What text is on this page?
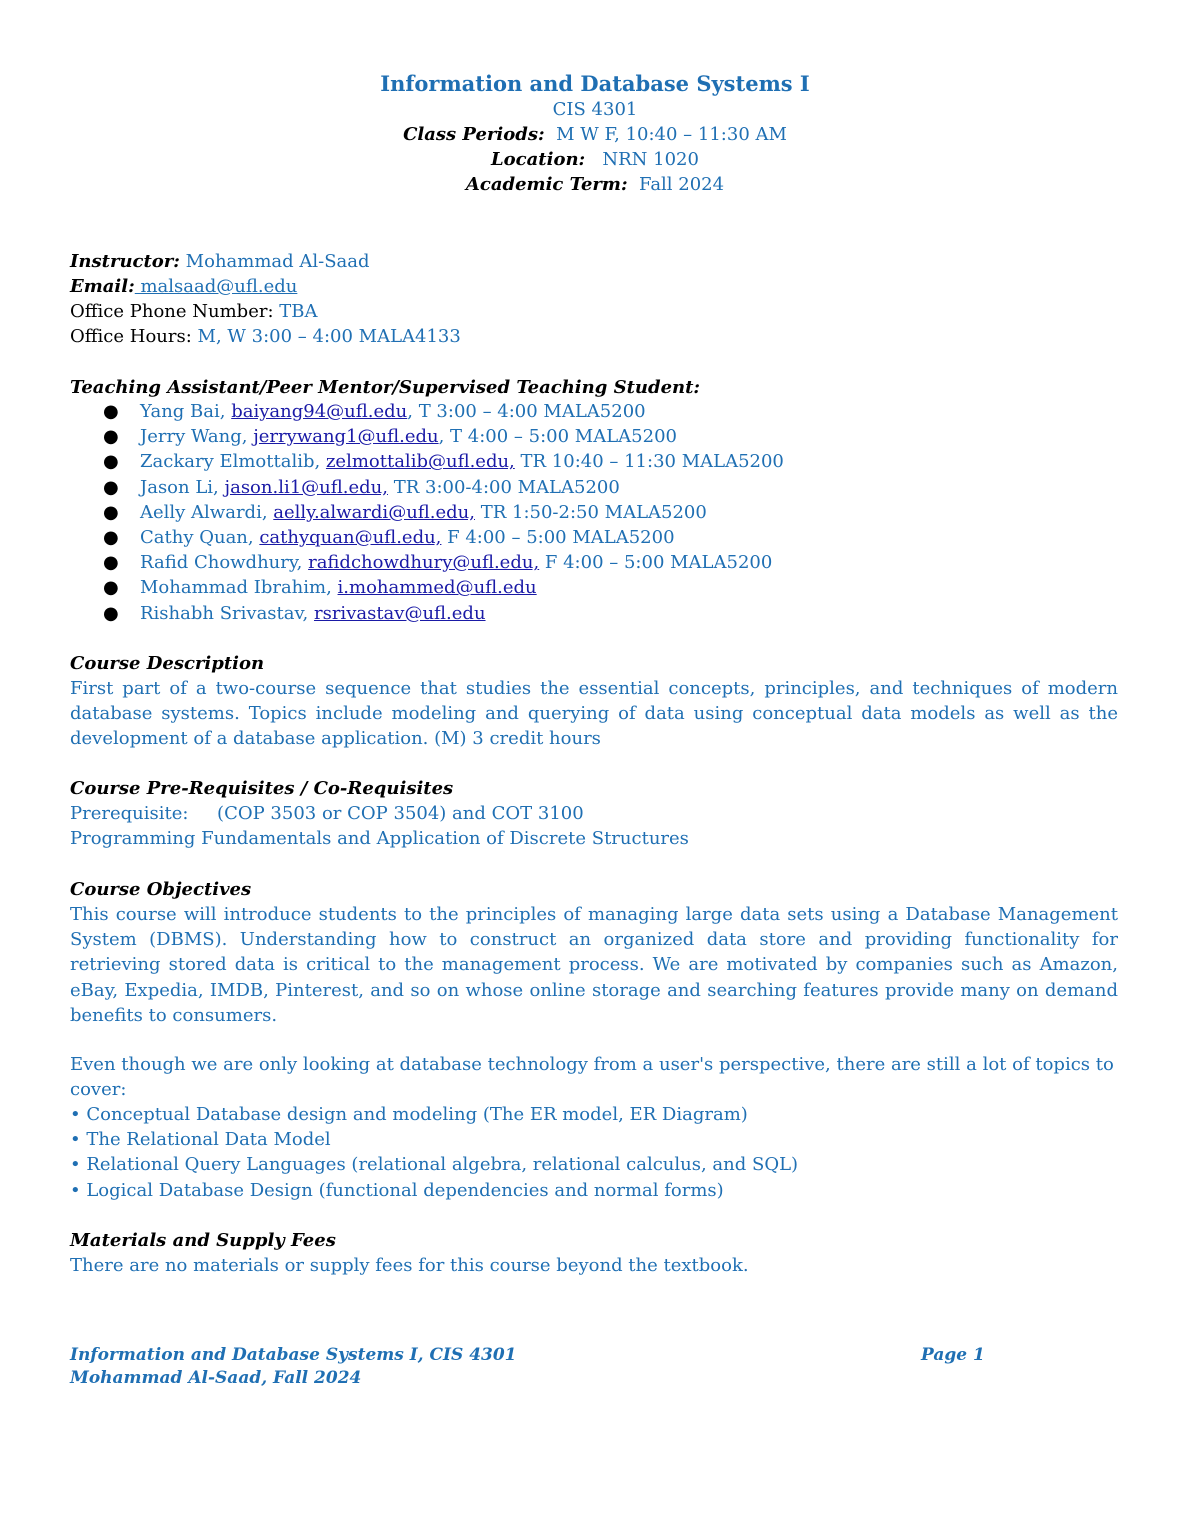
Information and Database Systems I
CIS 4301
Class Periods: M W F, 10:40 – 11:30 AM
Location: NRN 1020
Academic Term: Fall 2024
Instructor: Mohammad Al-Saad
Email: malsaad@ufl.edu
Office Phone Number: TBA
Office Hours: M, W 3:00 – 4:00 MALA4133
Teaching Assistant/Peer Mentor/Supervised Teaching Student:
● Yang Bai, baiyang94@ufl.edu, T 3:00 – 4:00 MALA5200
● Jerry Wang, jerrywang1@ufl.edu, T 4:00 – 5:00 MALA5200
● Zackary Elmottalib, zelmottalib@ufl.edu, TR 10:40 – 11:30 MALA5200
● Jason Li, jason.li1@ufl.edu, TR 3:00-4:00 MALA5200
● Aelly Alwardi, aelly.alwardi@ufl.edu, TR 1:50-2:50 MALA5200
● Cathy Quan, cathyquan@ufl.edu, F 4:00 – 5:00 MALA5200
● Rafid Chowdhury, rafidchowdhury@ufl.edu, F 4:00 – 5:00 MALA5200
● Mohammad Ibrahim, i.mohammed@ufl.edu
● Rishabh Srivastav, rsrivastav@ufl.edu
Course Description
First part of a two-course sequence that studies the essential concepts, principles, and techniques of modern database systems. Topics include modeling and querying of data using conceptual data models as well as the development of a database application. (M) 3 credit hours
Course Pre-Requisites / Co-Requisites
Prerequisite:     (COP 3503 or COP 3504) and COT 3100
Programming Fundamentals and Application of Discrete Structures
Course Objectives
This course will introduce students to the principles of managing large data sets using a Database Management System (DBMS). Understanding how to construct an organized data store and providing functionality for retrieving stored data is critical to the management process. We are motivated by companies such as Amazon, eBay, Expedia, IMDB, Pinterest, and so on whose online storage and searching features provide many on demand benefits to consumers.
Even though we are only looking at database technology from a user's perspective, there are still a lot of topics to cover:
• Conceptual Database design and modeling (The ER model, ER Diagram)
• The Relational Data Model
• Relational Query Languages (relational algebra, relational calculus, and SQL)
• Logical Database Design (functional dependencies and normal forms)
Materials and Supply Fees
There are no materials or supply fees for this course beyond the textbook.
Information and Database Systems I, CIS 4301
Mohammad Al-Saad, Fall 2024
Page 1
